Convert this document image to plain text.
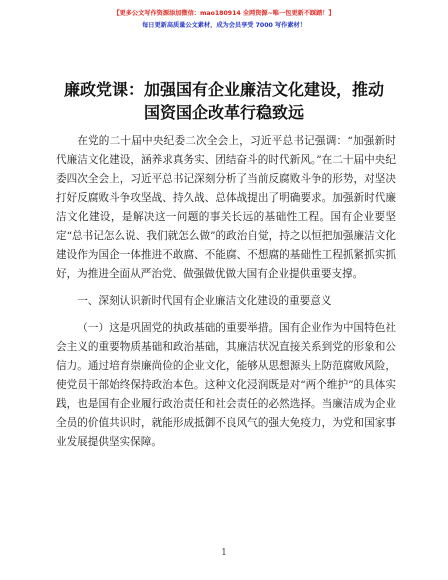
【更多公文写作资源添加微信：mao180914 全网资源~唯一包更新不踩踏！】
每日更新高质量公文素材，成为会员享受 7000 写作素材！
廉政党课：加强国有企业廉洁文化建设，推动
国资国企改革行稳致远

在党的二十届中央纪委二次全会上，习近平总书记强调：“加强新时代廉洁文化建设，涵养求真务实、团结奋斗的时代新风。”在二十届中央纪委四次全会上，习近平总书记深刻分析了当前反腐败斗争的形势，对坚决打好反腐败斗争攻坚战、持久战、总体战提出了明确要求。加强新时代廉洁文化建设，是解决这一问题的事关长远的基础性工程。国有企业要坚定“总书记怎么说、我们就怎么做”的政治自觉，持之以恒把加强廉洁文化建设作为国企一体推进不敢腐、不能腐、不想腐的基础性工程抓紧抓实抓好，为推进全面从严治党、做强做优做大国有企业提供重要支撑。

一、深刻认识新时代国有企业廉洁文化建设的重要意义

（一）这是巩固党的执政基础的重要举措。国有企业作为中国特色社会主义的重要物质基础和政治基础，其廉洁状况直接关系到党的形象和公信力。通过培育崇廉尚俭的企业文化，能够从思想源头上防范腐败风险，使党员干部始终保持政治本色。这种文化浸润既是对“两个维护”的具体实践，也是国有企业履行政治责任和社会责任的必然选择。当廉洁成为企业全员的价值共识时，就能形成抵御不良风气的强大免疫力，为党和国家事业发展提供坚实保障。

1
